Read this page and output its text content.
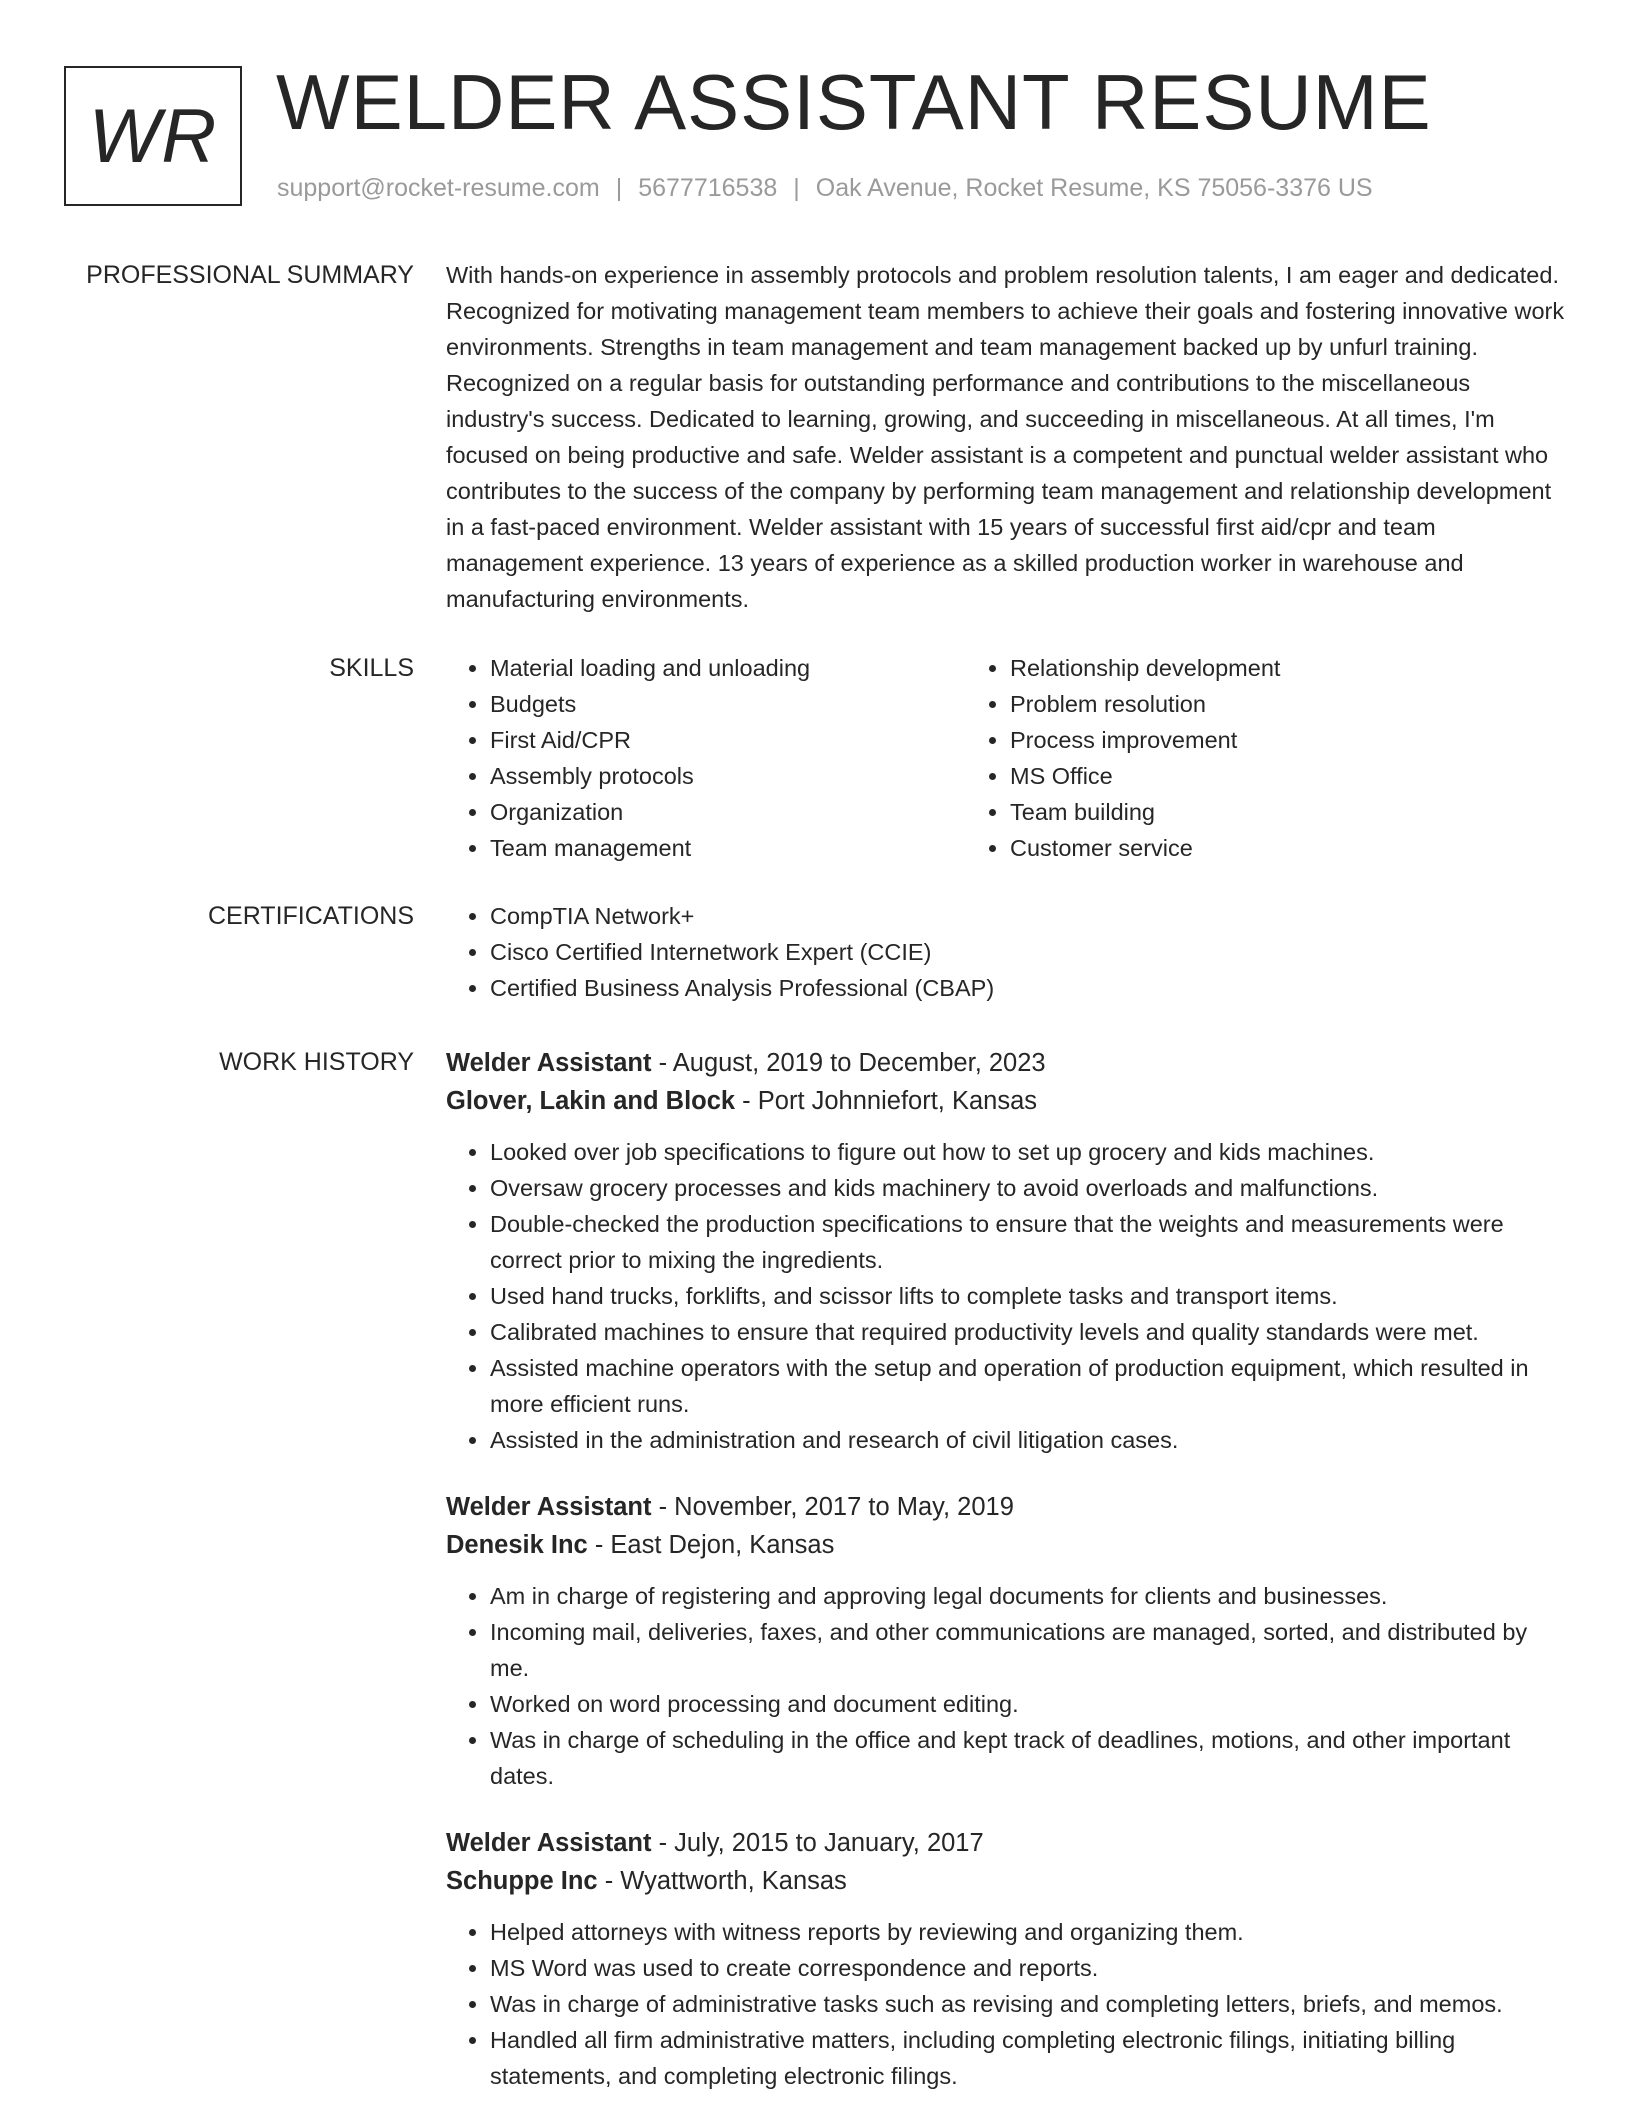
WR WELDER ASSISTANT RESUME
support@rocket-resume.com | 5677716538 | Oak Avenue, Rocket Resume, KS 75056-3376 US
PROFESSIONAL SUMMARY With hands-on experience in assembly protocols and problem resolution talents, I am eager and dedicated. Recognized for motivating management team members to achieve their goals and fostering innovative work environments. Strengths in team management and team management backed up by unfurl training. Recognized on a regular basis for outstanding performance and contributions to the miscellaneous industry's success. Dedicated to learning, growing, and succeeding in miscellaneous. At all times, I'm focused on being productive and safe. Welder assistant is a competent and punctual welder assistant who contributes to the success of the company by performing team management and relationship development in a fast-paced environment. Welder assistant with 15 years of successful first aid/cpr and team management experience. 13 years of experience as a skilled production worker in warehouse and manufacturing environments.

SKILLS	• Material loading and unloading
• Budgets
• First Aid/CPR
• Assembly protocols
• Organization
• Team management
• Relationship development
• Problem resolution
• Process improvement
• MS Office
• Team building
• Customer service
CERTIFICATIONS	• CompTIA Network+
• Cisco Certified Internetwork Expert (CCIE)
• Certified Business Analysis Professional (CBAP)
WORK HISTORY Welder Assistant - August, 2019 to December, 2023
Glover, Lakin and Block - Port Johnniefort, Kansas
• Looked over job specifications to figure out how to set up grocery and kids machines.
• Oversaw grocery processes and kids machinery to avoid overloads and malfunctions.
• Double-checked the production specifications to ensure that the weights and measurements were correct prior to mixing the ingredients.
• Used hand trucks, forklifts, and scissor lifts to complete tasks and transport items.
• Calibrated machines to ensure that required productivity levels and quality standards were met.
• Assisted machine operators with the setup and operation of production equipment, which resulted in more efficient runs.
• Assisted in the administration and research of civil litigation cases.
Welder Assistant - November, 2017 to May, 2019
Denesik Inc - East Dejon, Kansas
• Am in charge of registering and approving legal documents for clients and businesses.
• Incoming mail, deliveries, faxes, and other communications are managed, sorted, and distributed by me.
• Worked on word processing and document editing.
• Was in charge of scheduling in the office and kept track of deadlines, motions, and other important dates.
Welder Assistant - July, 2015 to January, 2017
Schuppe Inc - Wyattworth, Kansas
• Helped attorneys with witness reports by reviewing and organizing them.
• MS Word was used to create correspondence and reports.
• Was in charge of administrative tasks such as revising and completing letters, briefs, and memos.
• Handled all firm administrative matters, including completing electronic filings, initiating billing statements, and completing electronic filings.
